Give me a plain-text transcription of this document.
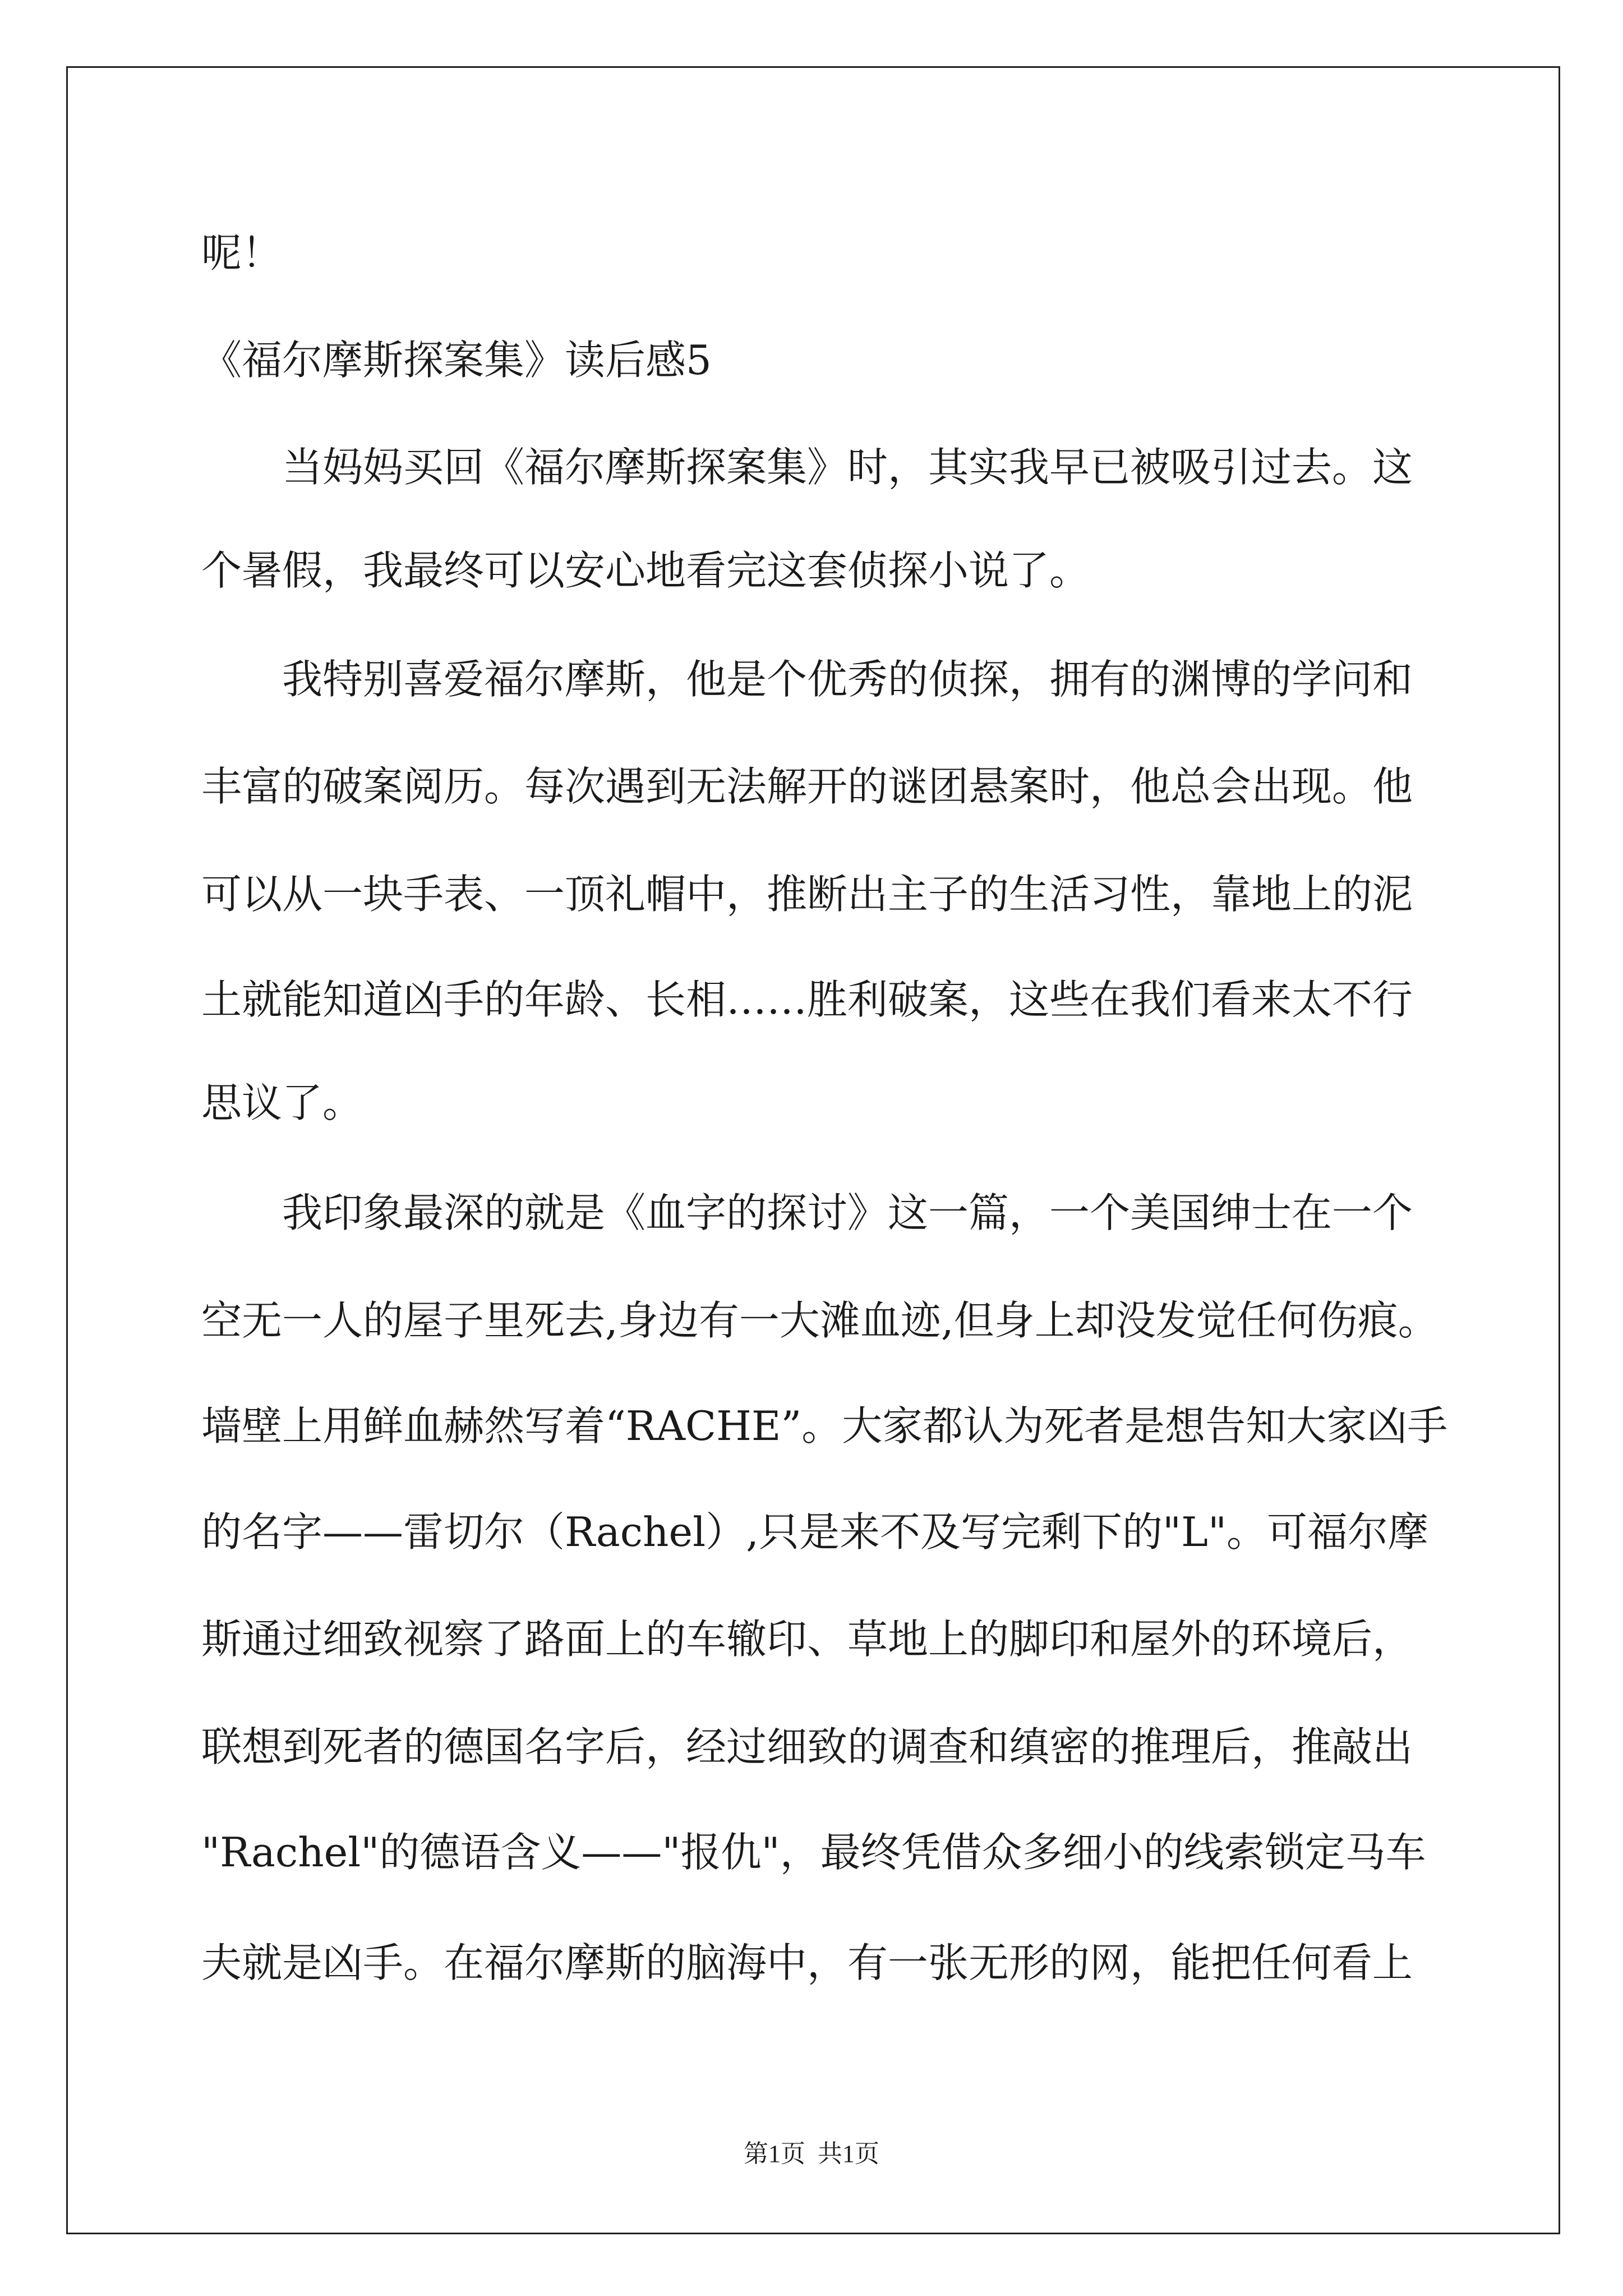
呢！
《福尔摩斯探案集》读后感5
当妈妈买回《福尔摩斯探案集》时，其实我早已被吸引过去。这
个暑假，我最终可以安心地看完这套侦探小说了。
我特别喜爱福尔摩斯，他是个优秀的侦探，拥有的渊博的学问和
丰富的破案阅历。每次遇到无法解开的谜团悬案时，他总会出现。他
可以从一块手表、一顶礼帽中，推断出主子的生活习性，靠地上的泥
土就能知道凶手的年龄、长相……胜利破案，这些在我们看来太不行
思议了。
我印象最深的就是《血字的探讨》这一篇，一个美国绅士在一个
空无一人的屋子里死去,身边有一大滩血迹,但身上却没发觉任何伤痕。
墙壁上用鲜血赫然写着“RACHE”。大家都认为死者是想告知大家凶手
的名字——雷切尔（Rachel）,只是来不及写完剩下的"L"。可福尔摩
斯通过细致视察了路面上的车辙印、草地上的脚印和屋外的环境后，
联想到死者的德国名字后，经过细致的调查和缜密的推理后，推敲出
"Rachel"的德语含义——"报仇"，最终凭借众多细小的线索锁定马车
夫就是凶手。在福尔摩斯的脑海中，有一张无形的网，能把任何看上
第1页  共1页
